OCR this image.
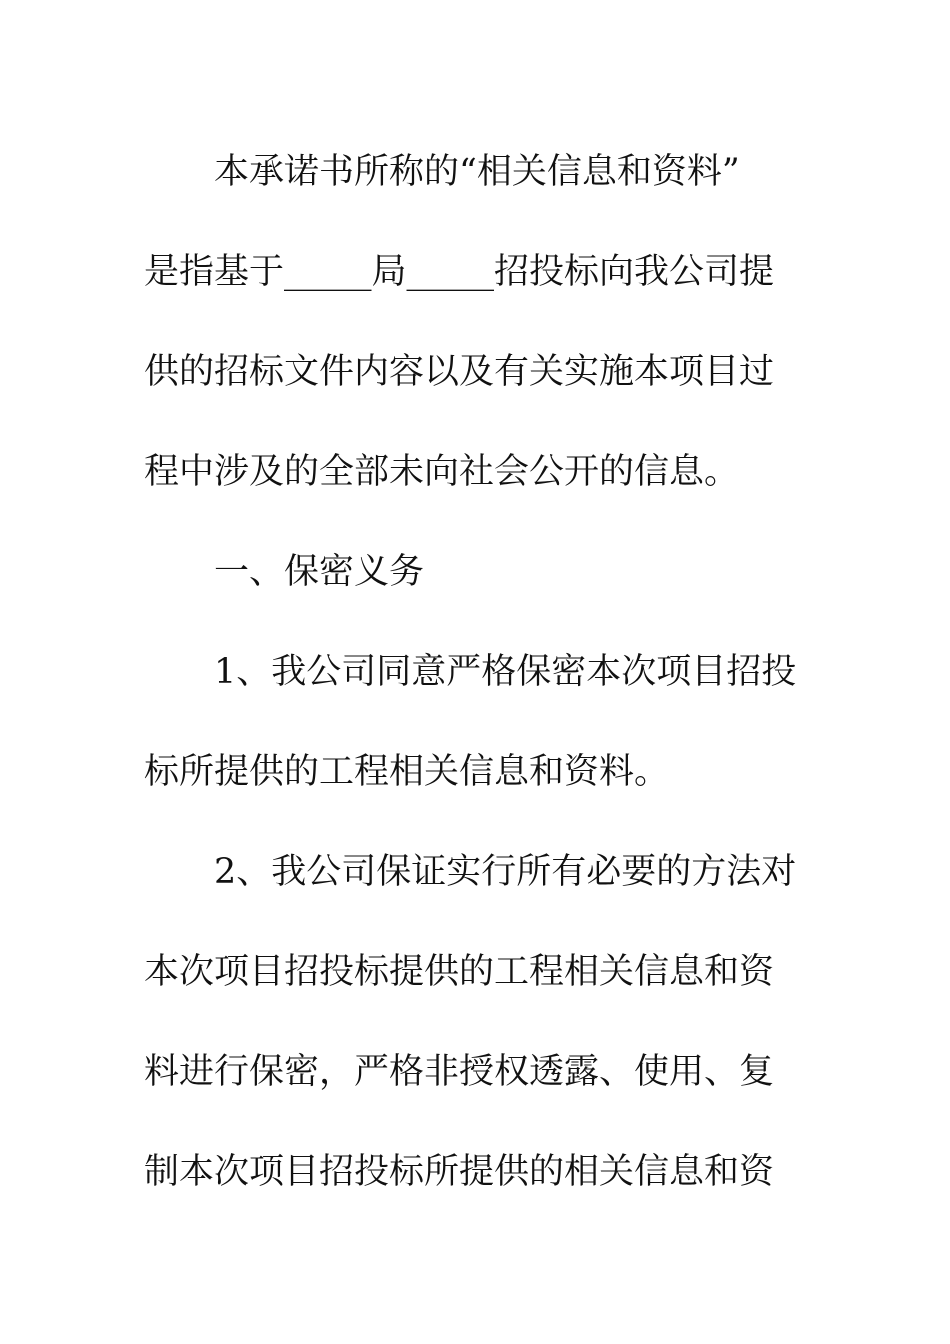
本承诺书所称的“相关信息和资料”
是指基于_____局_____招投标向我公司提
供的招标文件内容以及有关实施本项目过
程中涉及的全部未向社会公开的信息。
一、保密义务
1、我公司同意严格保密本次项目招投
标所提供的工程相关信息和资料。
2、我公司保证实行所有必要的方法对
本次项目招投标提供的工程相关信息和资
料进行保密，严格非授权透露、使用、复
制本次项目招投标所提供的相关信息和资
